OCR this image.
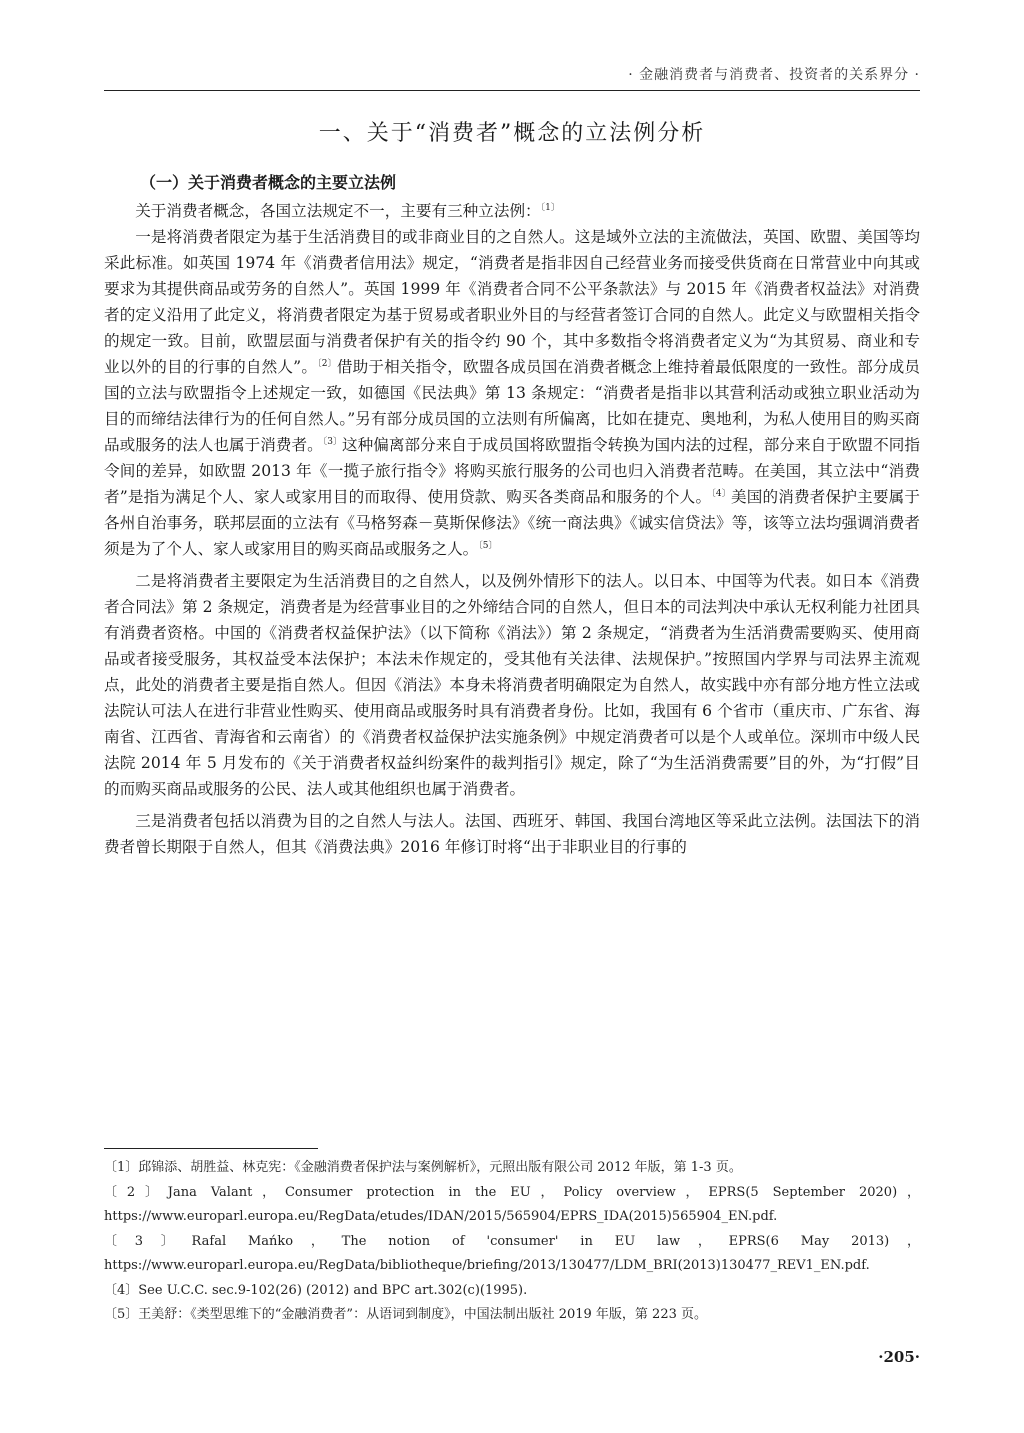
· 金融消费者与消费者、投资者的关系界分 ·
一、关于“消费者”概念的立法例分析
（一）关于消费者概念的主要立法例

关于消费者概念，各国立法规定不一，主要有三种立法例：$^{〔1〕}$

一是将消费者限定为基于生活消费目的或非商业目的之自然人。这是域外立法的主流做法，英国、欧盟、美国等均采此标准。如英国 1974 年《消费者信用法》规定，“消费者是指非因自己经营业务而接受供货商在日常营业中向其或要求为其提供商品或劳务的自然人”。英国 1999 年《消费者合同不公平条款法》与 2015 年《消费者权益法》对消费者的定义沿用了此定义，将消费者限定为基于贸易或者职业外目的与经营者签订合同的自然人。此定义与欧盟相关指令的规定一致。目前，欧盟层面与消费者保护有关的指令约 90 个，其中多数指令将消费者定义为“为其贸易、商业和专业以外的目的行事的自然人”。$^{〔2〕}$借助于相关指令，欧盟各成员国在消费者概念上维持着最低限度的一致性。部分成员国的立法与欧盟指令上述规定一致，如德国《民法典》第 13 条规定：“消费者是指非以其营利活动或独立职业活动为目的而缔结法律行为的任何自然人。”另有部分成员国的立法则有所偏离，比如在捷克、奥地利，为私人使用目的购买商品或服务的法人也属于消费者。$^{〔3〕}$这种偏离部分来自于成员国将欧盟指令转换为国内法的过程，部分来自于欧盟不同指令间的差异，如欧盟 2013 年《一揽子旅行指令》将购买旅行服务的公司也归入消费者范畴。在美国，其立法中“消费者”是指为满足个人、家人或家用目的而取得、使用贷款、购买各类商品和服务的个人。$^{〔4〕}$美国的消费者保护主要属于各州自治事务，联邦层面的立法有《马格努森－莫斯保修法》《统一商法典》《诚实信贷法》等，该等立法均强调消费者须是为了个人、家人或家用目的购买商品或服务之人。$^{〔5〕}$

二是将消费者主要限定为生活消费目的之自然人，以及例外情形下的法人。以日本、中国等为代表。如日本《消费者合同法》第 2 条规定，消费者是为经营事业目的之外缔结合同的自然人，但日本的司法判决中承认无权利能力社团具有消费者资格。中国的《消费者权益保护法》（以下简称《消法》）第 2 条规定，“消费者为生活消费需要购买、使用商品或者接受服务，其权益受本法保护；本法未作规定的，受其他有关法律、法规保护。”按照国内学界与司法界主流观点，此处的消费者主要是指自然人。但因《消法》本身未将消费者明确限定为自然人，故实践中亦有部分地方性立法或法院认可法人在进行非营业性购买、使用商品或服务时具有消费者身份。比如，我国有 6 个省市（重庆市、广东省、海南省、江西省、青海省和云南省）的《消费者权益保护法实施条例》中规定消费者可以是个人或单位。深圳市中级人民法院 2014 年 5 月发布的《关于消费者权益纠纷案件的裁判指引》规定，除了“为生活消费需要”目的外，为“打假”目的而购买商品或服务的公民、法人或其他组织也属于消费者。

三是消费者包括以消费为目的之自然人与法人。法国、西班牙、韩国、我国台湾地区等采此立法例。法国法下的消费者曾长期限于自然人，但其《消费法典》2016 年修订时将“出于非职业目的行事的

〔1〕邱锦添、胡胜益、林克宪：《金融消费者保护法与案例解析》，元照出版有限公司 2012 年版，第 1-3 页。

〔2〕Jana Valant，Consumer protection in the EU，Policy overview，EPRS(5 September 2020)，https://www.europarl.europa.eu/RegData/etudes/IDAN/2015/565904/EPRS_IDA(2015)565904_EN.pdf.

〔3〕Rafal Mańko，The notion of 'consumer' in EU law，EPRS(6 May 2013)，https://www.europarl.europa.eu/RegData/bibliotheque/briefing/2013/130477/LDM_BRI(2013)130477_REV1_EN.pdf.

〔4〕See U.C.C. sec.9-102(26) (2012) and BPC art.302(c)(1995).

〔5〕王美舒：《类型思维下的“金融消费者”：从语词到制度》，中国法制出版社 2019 年版，第 223 页。

·205·
